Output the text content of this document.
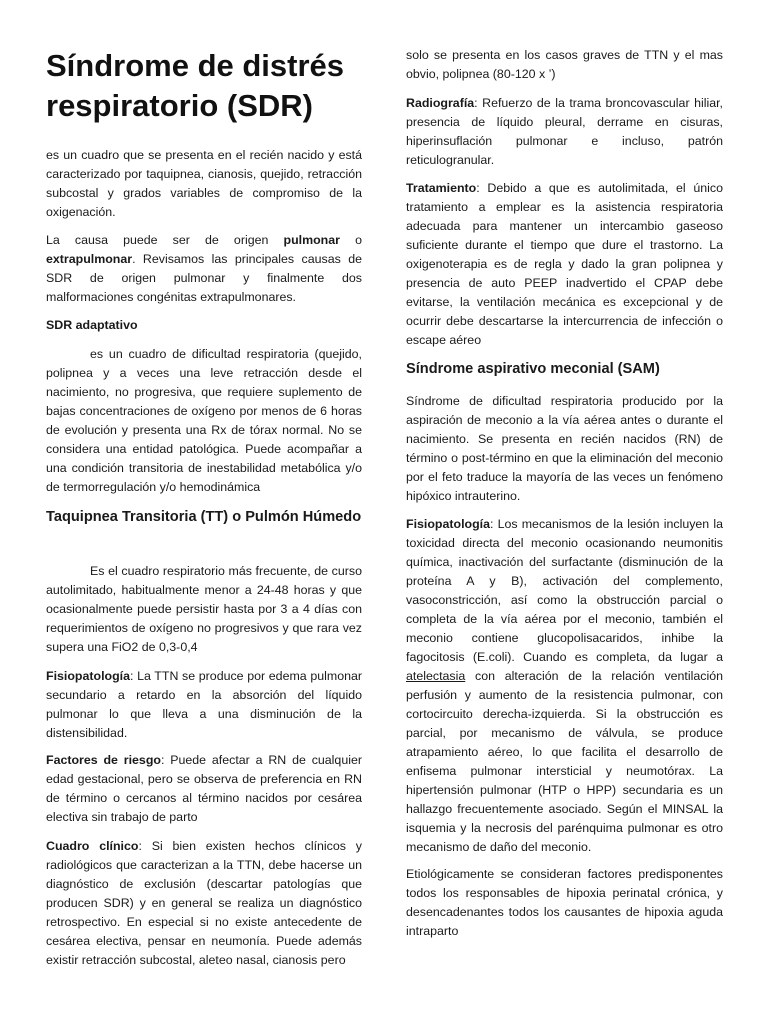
Síndrome de distrés respiratorio (SDR)

es un cuadro que se presenta en el recién nacido y está caracterizado por taquipnea, cianosis, quejido, retracción subcostal y grados variables de compromiso de la oxigenación.

La causa puede ser de origen pulmonar o extrapulmonar. Revisamos las principales causas de SDR de origen pulmonar y finalmente dos malformaciones congénitas extrapulmonares.

SDR adaptativo

es un cuadro de dificultad respiratoria (quejido, polipnea y a veces una leve retracción desde el nacimiento, no progresiva, que requiere suplemento de bajas concentraciones de oxígeno por menos de 6 horas de evolución y presenta una Rx de tórax normal. No se considera una entidad patológica. Puede acompañar a una condición transitoria de inestabilidad metabólica y/o de termorregulación y/o hemodinámica

Taquipnea Transitoria (TT) o Pulmón Húmedo

Es el cuadro respiratorio más frecuente, de curso autolimitado, habitualmente menor a 24-48 horas y que ocasionalmente puede persistir hasta por 3 a 4 días con requerimientos de oxígeno no progresivos y que rara vez supera una FiO2 de 0,3-0,4

Fisiopatología: La TTN se produce por edema pulmonar secundario a retardo en la absorción del líquido pulmonar lo que lleva a una disminución de la distensibilidad.

Factores de riesgo: Puede afectar a RN de cualquier edad gestacional, pero se observa de preferencia en RN de término o cercanos al término nacidos por cesárea electiva sin trabajo de parto

Cuadro clínico: Si bien existen hechos clínicos y radiológicos que caracterizan a la TTN, debe hacerse un diagnóstico de exclusión (descartar patologías que producen SDR) y en general se realiza un diagnóstico retrospectivo. En especial si no existe antecedente de cesárea electiva, pensar en neumonía. Puede además existir retracción subcostal, aleteo nasal, cianosis pero

solo se presenta en los casos graves de TTN y el mas obvio, polipnea (80-120 x ’)

Radiografía: Refuerzo de la trama broncovascular hiliar, presencia de líquido pleural, derrame en cisuras, hiperinsuflación pulmonar e incluso, patrón reticulogranular.

Tratamiento: Debido a que es autolimitada, el único tratamiento a emplear es la asistencia respiratoria adecuada para mantener un intercambio gaseoso suficiente durante el tiempo que dure el trastorno. La oxigenoterapia es de regla y dado la gran polipnea y presencia de auto PEEP inadvertido el CPAP debe evitarse, la ventilación mecánica es excepcional y de ocurrir debe descartarse la intercurrencia de infección o escape aéreo

Síndrome aspirativo meconial (SAM)

Síndrome de dificultad respiratoria producido por la aspiración de meconio a la vía aérea antes o durante el nacimiento. Se presenta en recién nacidos (RN) de término o post-término en que la eliminación del meconio por el feto traduce la mayoría de las veces un fenómeno hipóxico intrauterino.

Fisiopatología: Los mecanismos de la lesión incluyen la toxicidad directa del meconio ocasionando neumonitis química, inactivación del surfactante (disminución de la proteína A y B), activación del complemento, vasoconstricción, así como la obstrucción parcial o completa de la vía aérea por el meconio, también el meconio contiene glucopolisacaridos, inhibe la fagocitosis (E.coli). Cuando es completa, da lugar a atelectasia con alteración de la relación ventilación perfusión y aumento de la resistencia pulmonar, con cortocircuito derecha-izquierda. Si la obstrucción es parcial, por mecanismo de válvula, se produce atrapamiento aéreo, lo que facilita el desarrollo de enfisema pulmonar intersticial y neumotórax. La hipertensión pulmonar (HTP o HPP) secundaria es un hallazgo frecuentemente asociado. Según el MINSAL la isquemia y la necrosis del parénquima pulmonar es otro mecanismo de daño del meconio.

Etiológicamente se consideran factores predisponentes todos los responsables de hipoxia perinatal crónica, y desencadenantes todos los causantes de hipoxia aguda intraparto
